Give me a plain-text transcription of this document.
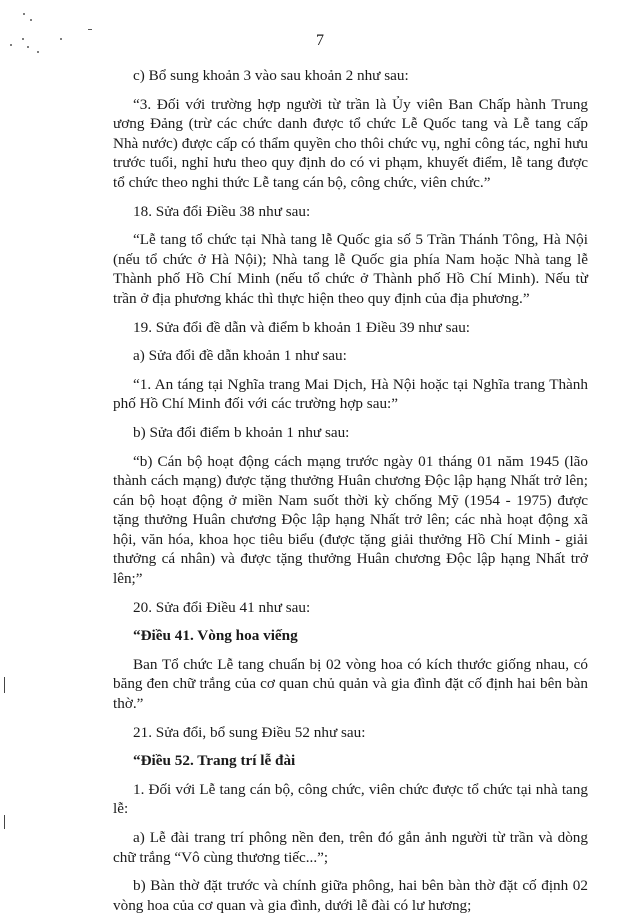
7

c) Bổ sung khoản 3 vào sau khoản 2 như sau:

“3. Đối với trường hợp người từ trần là Ủy viên Ban Chấp hành Trung ương Đảng (trừ các chức danh được tổ chức Lễ Quốc tang và Lễ tang cấp Nhà nước) được cấp có thẩm quyền cho thôi chức vụ, nghỉ công tác, nghỉ hưu trước tuổi, nghỉ hưu theo quy định do có vi phạm, khuyết điểm, lễ tang được tổ chức theo nghi thức Lễ tang cán bộ, công chức, viên chức.”

18. Sửa đổi Điều 38 như sau:

“Lễ tang tổ chức tại Nhà tang lễ Quốc gia số 5 Trần Thánh Tông, Hà Nội (nếu tổ chức ở Hà Nội); Nhà tang lễ Quốc gia phía Nam hoặc Nhà tang lễ Thành phố Hồ Chí Minh (nếu tổ chức ở Thành phố Hồ Chí Minh). Nếu từ trần ở địa phương khác thì thực hiện theo quy định của địa phương.”

19. Sửa đổi đề dẫn và điểm b khoản 1 Điều 39 như sau:

a) Sửa đổi đề dẫn khoản 1 như sau:

“1. An táng tại Nghĩa trang Mai Dịch, Hà Nội hoặc tại Nghĩa trang Thành phố Hồ Chí Minh đối với các trường hợp sau:”

b) Sửa đổi điểm b khoản 1 như sau:

“b) Cán bộ hoạt động cách mạng trước ngày 01 tháng 01 năm 1945 (lão thành cách mạng) được tặng thưởng Huân chương Độc lập hạng Nhất trở lên; cán bộ hoạt động ở miền Nam suốt thời kỳ chống Mỹ (1954 - 1975) được tặng thưởng Huân chương Độc lập hạng Nhất trở lên; các nhà hoạt động xã hội, văn hóa, khoa học tiêu biểu (được tặng giải thưởng Hồ Chí Minh - giải thưởng cá nhân) và được tặng thưởng Huân chương Độc lập hạng Nhất trở lên;”

20. Sửa đổi Điều 41 như sau:

“Điều 41. Vòng hoa viếng

Ban Tổ chức Lễ tang chuẩn bị 02 vòng hoa có kích thước giống nhau, có băng đen chữ trắng của cơ quan chủ quản và gia đình đặt cố định hai bên bàn thờ.”

21. Sửa đổi, bổ sung Điều 52 như sau:

“Điều 52. Trang trí lễ đài

1. Đối với Lễ tang cán bộ, công chức, viên chức được tổ chức tại nhà tang lễ:

a) Lễ đài trang trí phông nền đen, trên đó gắn ảnh người từ trần và dòng chữ trắng “Vô cùng thương tiếc...”;

b) Bàn thờ đặt trước và chính giữa phông, hai bên bàn thờ đặt cố định 02 vòng hoa của cơ quan và gia đình, dưới lễ đài có lư hương;
